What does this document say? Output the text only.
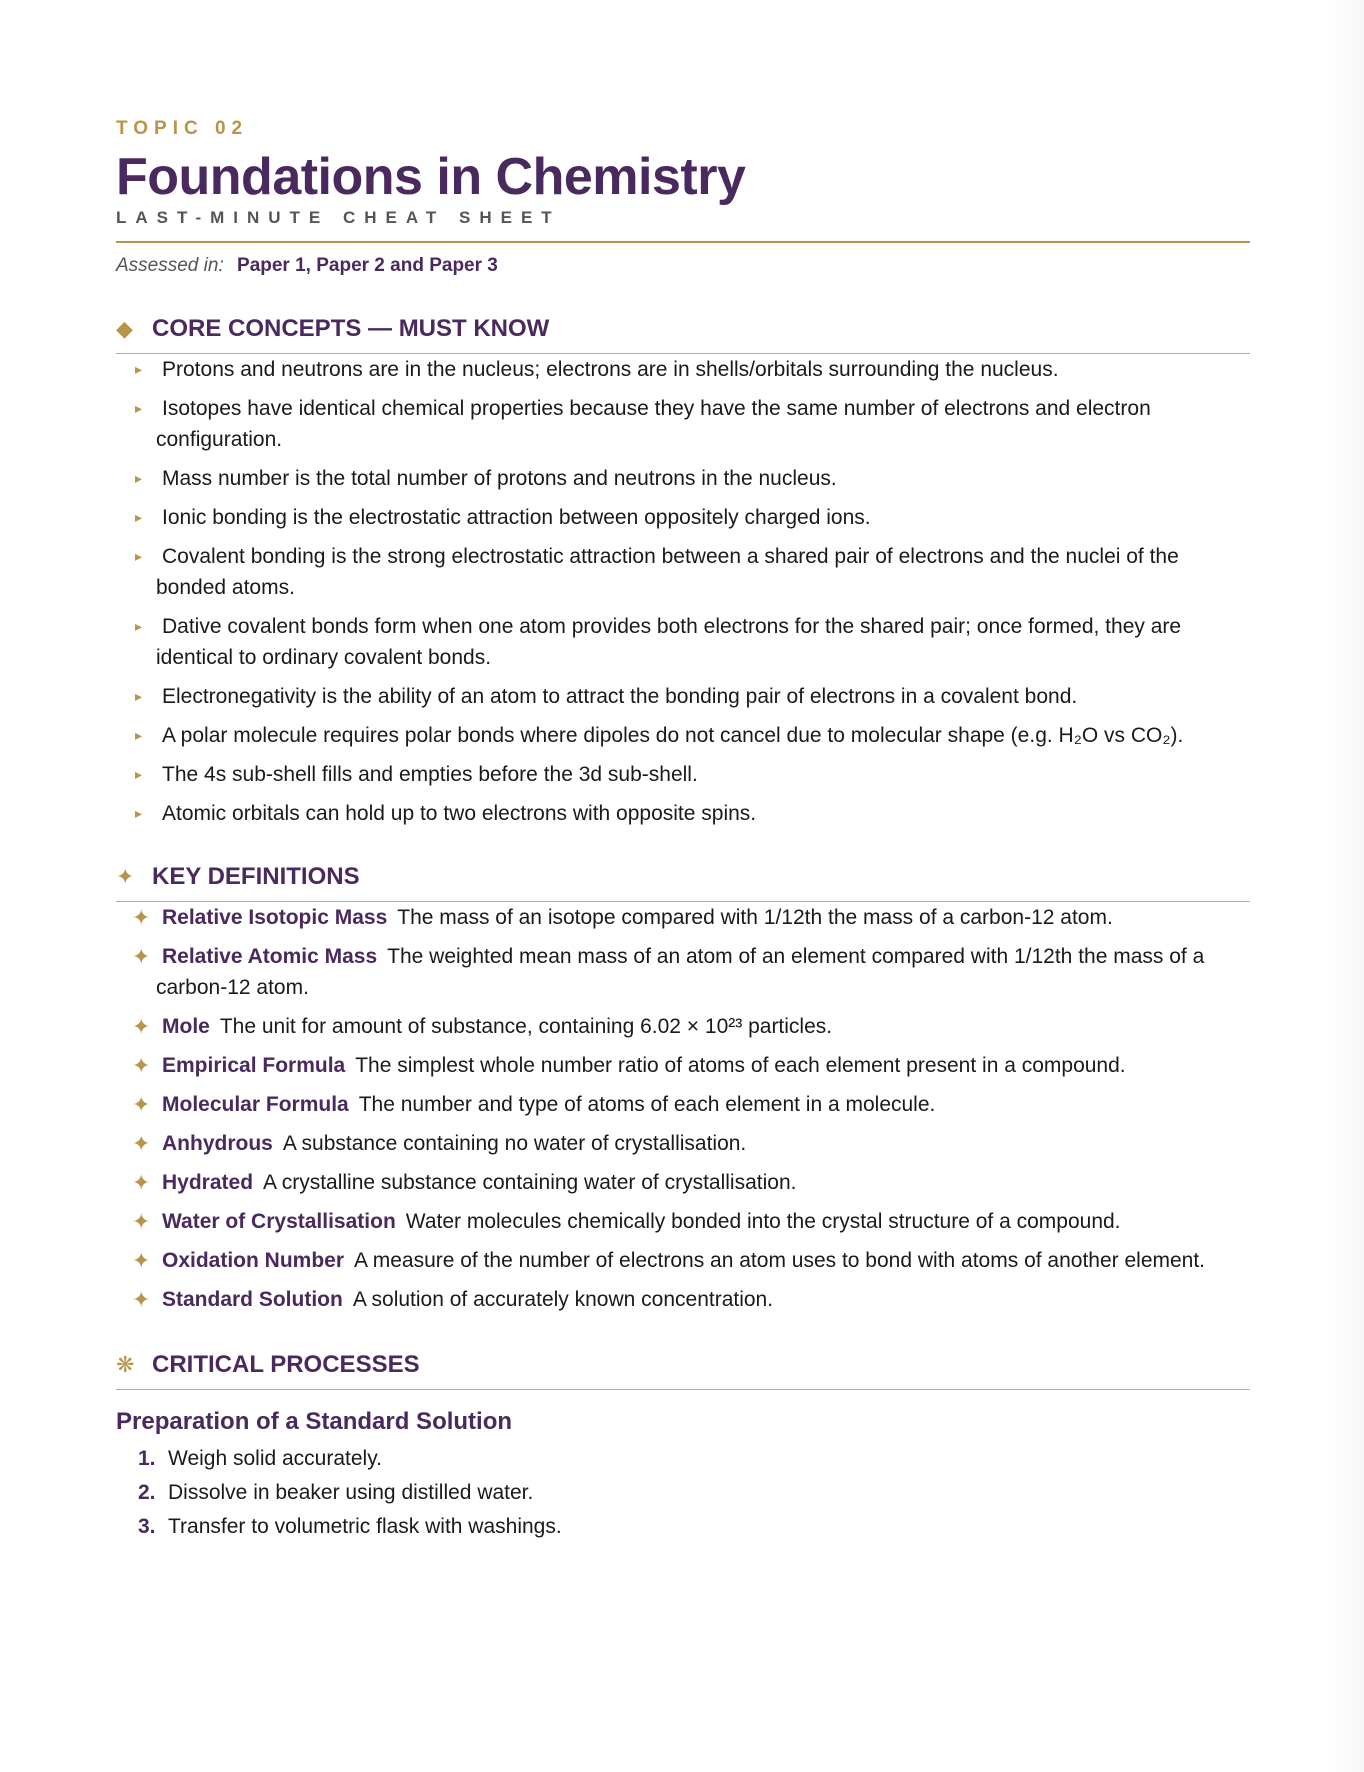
TOPIC 02
Foundations in Chemistry
LAST-MINUTE CHEAT SHEET
Assessed in: Paper 1, Paper 2 and Paper 3
◆ CORE CONCEPTS — MUST KNOW
▸ Protons and neutrons are in the nucleus; electrons are in shells/orbitals surrounding the nucleus.
▸ Isotopes have identical chemical properties because they have the same number of electrons and electron configuration.
▸ Mass number is the total number of protons and neutrons in the nucleus.
▸ Ionic bonding is the electrostatic attraction between oppositely charged ions.
▸ Covalent bonding is the strong electrostatic attraction between a shared pair of electrons and the nuclei of the bonded atoms.
▸ Dative covalent bonds form when one atom provides both electrons for the shared pair; once formed, they are identical to ordinary covalent bonds.
▸ Electronegativity is the ability of an atom to attract the bonding pair of electrons in a covalent bond.
▸ A polar molecule requires polar bonds where dipoles do not cancel due to molecular shape (e.g. H₂O vs CO₂).
▸ The 4s sub-shell fills and empties before the 3d sub-shell.
▸ Atomic orbitals can hold up to two electrons with opposite spins.
✦ KEY DEFINITIONS
✦ Relative Isotopic Mass The mass of an isotope compared with 1/12th the mass of a carbon-12 atom.
✦ Relative Atomic Mass The weighted mean mass of an atom of an element compared with 1/12th the mass of a carbon-12 atom.
✦ Mole The unit for amount of substance, containing 6.02 × 10²³ particles.
✦ Empirical Formula The simplest whole number ratio of atoms of each element present in a compound.
✦ Molecular Formula The number and type of atoms of each element in a molecule.
✦ Anhydrous A substance containing no water of crystallisation.
✦ Hydrated A crystalline substance containing water of crystallisation.
✦ Water of Crystallisation Water molecules chemically bonded into the crystal structure of a compound.
✦ Oxidation Number A measure of the number of electrons an atom uses to bond with atoms of another element.
✦ Standard Solution A solution of accurately known concentration.
❋ CRITICAL PROCESSES
Preparation of a Standard Solution
1. Weigh solid accurately.
2. Dissolve in beaker using distilled water.
3. Transfer to volumetric flask with washings.
